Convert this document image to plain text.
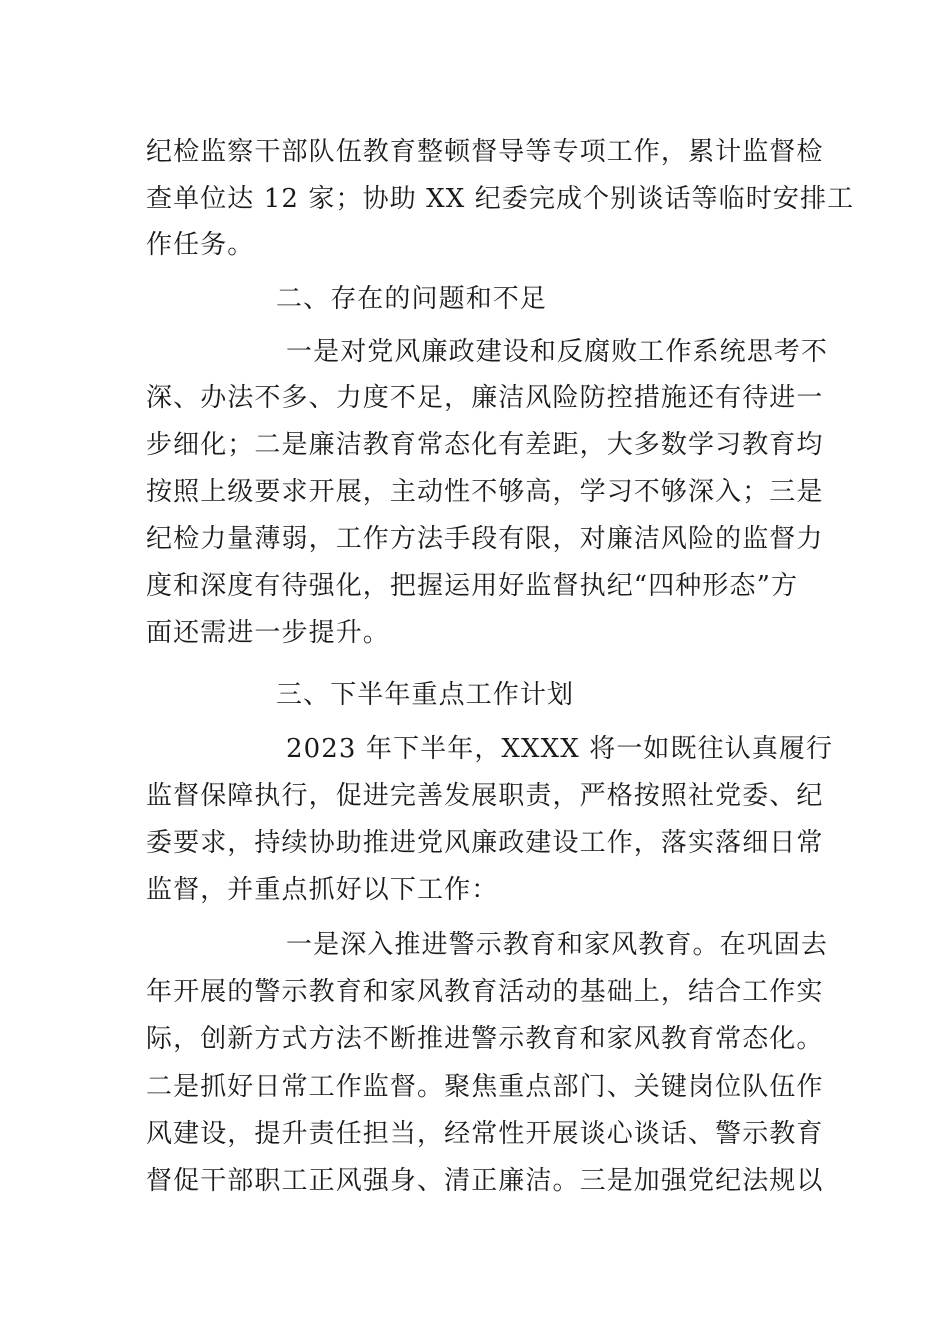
纪检监察干部队伍教育整顿督导等专项工作，累计监督检
查单位达 12 家；协助 XX 纪委完成个别谈话等临时安排工
作任务。
二、存在的问题和不足
一是对党风廉政建设和反腐败工作系统思考不
深、办法不多、力度不足，廉洁风险防控措施还有待进一
步细化；二是廉洁教育常态化有差距，大多数学习教育均
按照上级要求开展，主动性不够高，学习不够深入；三是
纪检力量薄弱，工作方法手段有限，对廉洁风险的监督力
度和深度有待强化，把握运用好监督执纪“四种形态”方
面还需进一步提升。
三、下半年重点工作计划
2023 年下半年，XXXX 将一如既往认真履行
监督保障执行，促进完善发展职责，严格按照社党委、纪
委要求，持续协助推进党风廉政建设工作，落实落细日常
监督，并重点抓好以下工作：
一是深入推进警示教育和家风教育。在巩固去
年开展的警示教育和家风教育活动的基础上，结合工作实
际，创新方式方法不断推进警示教育和家风教育常态化。
二是抓好日常工作监督。聚焦重点部门、关键岗位队伍作
风建设，提升责任担当，经常性开展谈心谈话、警示教育
督促干部职工正风强身、清正廉洁。三是加强党纪法规以
